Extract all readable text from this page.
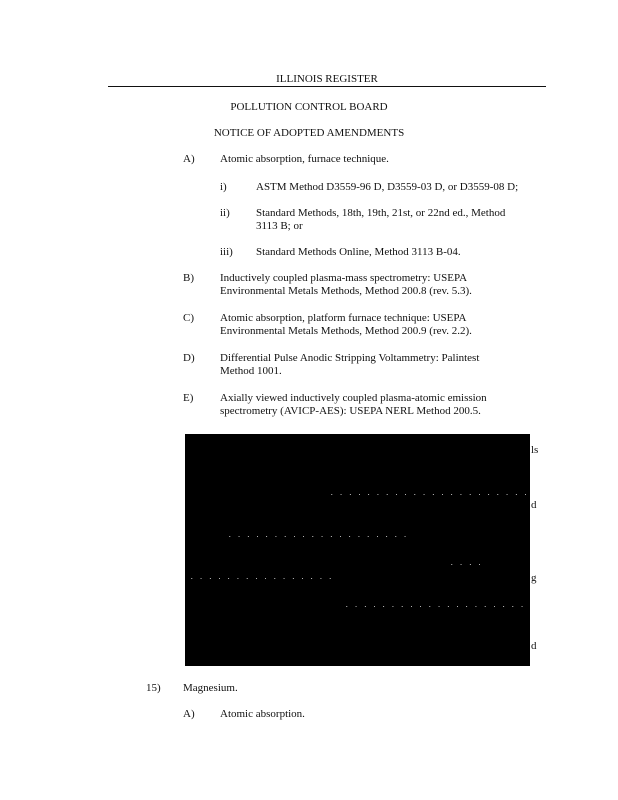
ILLINOIS REGISTER
POLLUTION CONTROL BOARD
NOTICE OF ADOPTED AMENDMENTS
A) Atomic absorption, furnace technique.
i)	ASTM Method D3559-96 D, D3559-03 D, or D3559-08 D;
ii) Standard Methods, 18th, 19th, 21st, or 22nd ed., Method
3113 B; or
iii) Standard Methods Online, Method 3113 B-04.
B) Inductively coupled plasma-mass spectrometry: USEPA
Environmental Metals Methods, Method 200.8 (rev. 5.3).
C) Atomic absorption, platform furnace technique: USEPA
Environmental Metals Methods, Method 200.9 (rev. 2.2).
D) Differential Pulse Anodic Stripping Voltammetry: Palintest
Method 1001.
E) Axially viewed inductively coupled plasma-atomic emission
spectrometry (AVICP-AES): USEPA NERL Method 200.5.
ls
d
g
d
. . . . . . . . . . . . . . . . . . . . . .
. . . . . . . . . . . . . . . . . . . .
. . . .
. . . . . . . . . . . . . . . .
. . . . . . . . . . . . . . . . . . . .
15) Magnesium.
A) Atomic absorption.
